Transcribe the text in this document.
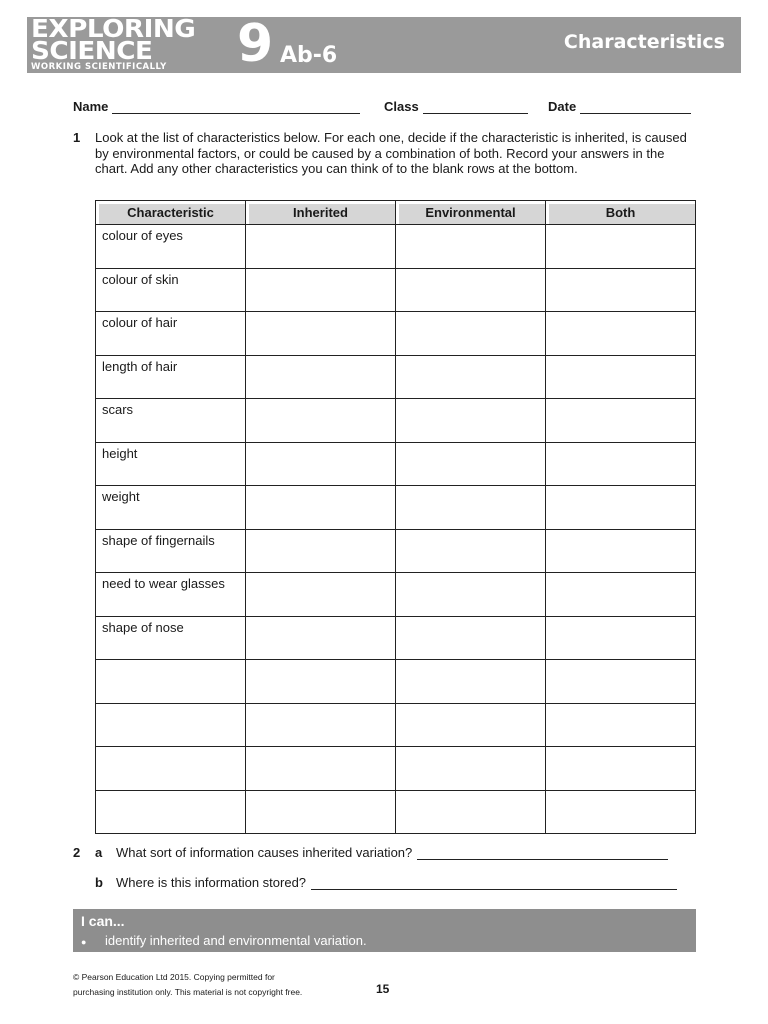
EXPLORING
SCIENCE
WORKING SCIENTIFICALLY	9 Ab-6
Characteristics
Name	Class	Date
1 Look at the list of characteristics below. For each one, decide if the characteristic is inherited, is caused by environmental factors, or could be caused by a combination of both. Record your answers in the chart. Add any other characteristics you can think of to the blank rows at the bottom.
Characteristic	Inherited	Environmental	Both
colour of eyes			
colour of skin			
colour of hair			
length of hair			
scars			
height			
weight			
shape of fingernails			
need to wear glasses			
shape of nose			

2	a	What sort of information causes inherited variation?
b	Where is this information stored?
I can...
● identify inherited and environmental variation.
© Pearson Education Ltd 2015. Copying permitted for
purchasing institution only. This material is not copyright free.	15
